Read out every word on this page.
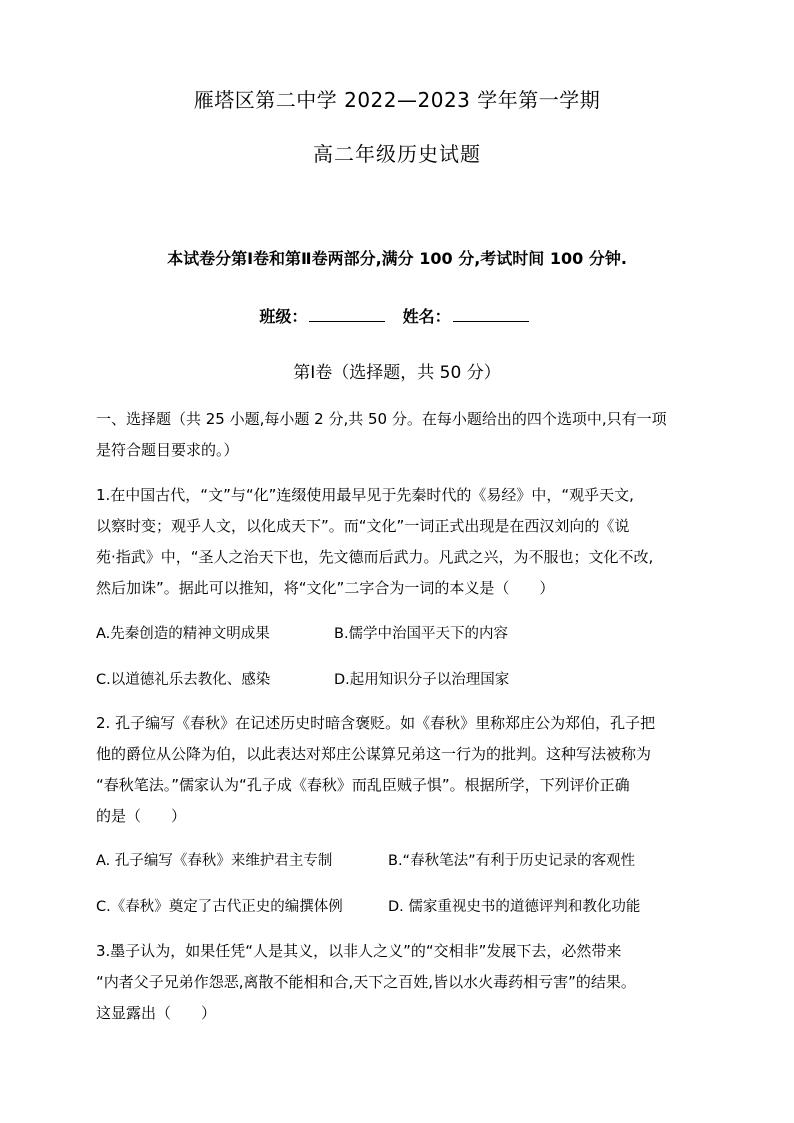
雁塔区第二中学 2022—2023 学年第一学期
高二年级历史试题
本试卷分第Ⅰ卷和第Ⅱ卷两部分,满分 100 分,考试时间 100 分钟.
班级：	姓名：
第Ⅰ卷（选择题，共 50 分）
一、选择题（共 25 小题,每小题 2 分,共 50 分。在每小题给出的四个选项中,只有一项
是符合题目要求的。）
1.在中国古代，“文”与“化”连缀使用最早见于先秦时代的《易经》中，“观乎天文,
以察时变；观乎人文，以化成天下”。而“文化”一词正式出现是在西汉刘向的《说
苑·指武》中，“圣人之治天下也，先文德而后武力。凡武之兴，为不服也；文化不改,
然后加诛”。据此可以推知，将“文化”二字合为一词的本义是（　　）
A.先秦创造的精神文明成果	B.儒学中治国平天下的内容
C.以道德礼乐去教化、感染	D.起用知识分子以治理国家
2. 孔子编写《春秋》在记述历史时暗含褒贬。如《春秋》里称郑庄公为郑伯，孔子把
他的爵位从公降为伯，以此表达对郑庄公谋算兄弟这一行为的批判。这种写法被称为
“春秋笔法。”儒家认为“孔子成《春秋》而乱臣贼子惧”。根据所学，下列评价正确
的是（　　）
A. 孔子编写《春秋》来维护君主专制	B.“春秋笔法”有利于历史记录的客观性
C.《春秋》奠定了古代正史的编撰体例	D. 儒家重视史书的道德评判和教化功能
3.墨子认为，如果任凭“人是其义，以非人之义”的“交相非”发展下去，必然带来
“内者父子兄弟作怨恶,离散不能相和合,天下之百姓,皆以水火毒药相亏害”的结果。
这显露出（　　）
